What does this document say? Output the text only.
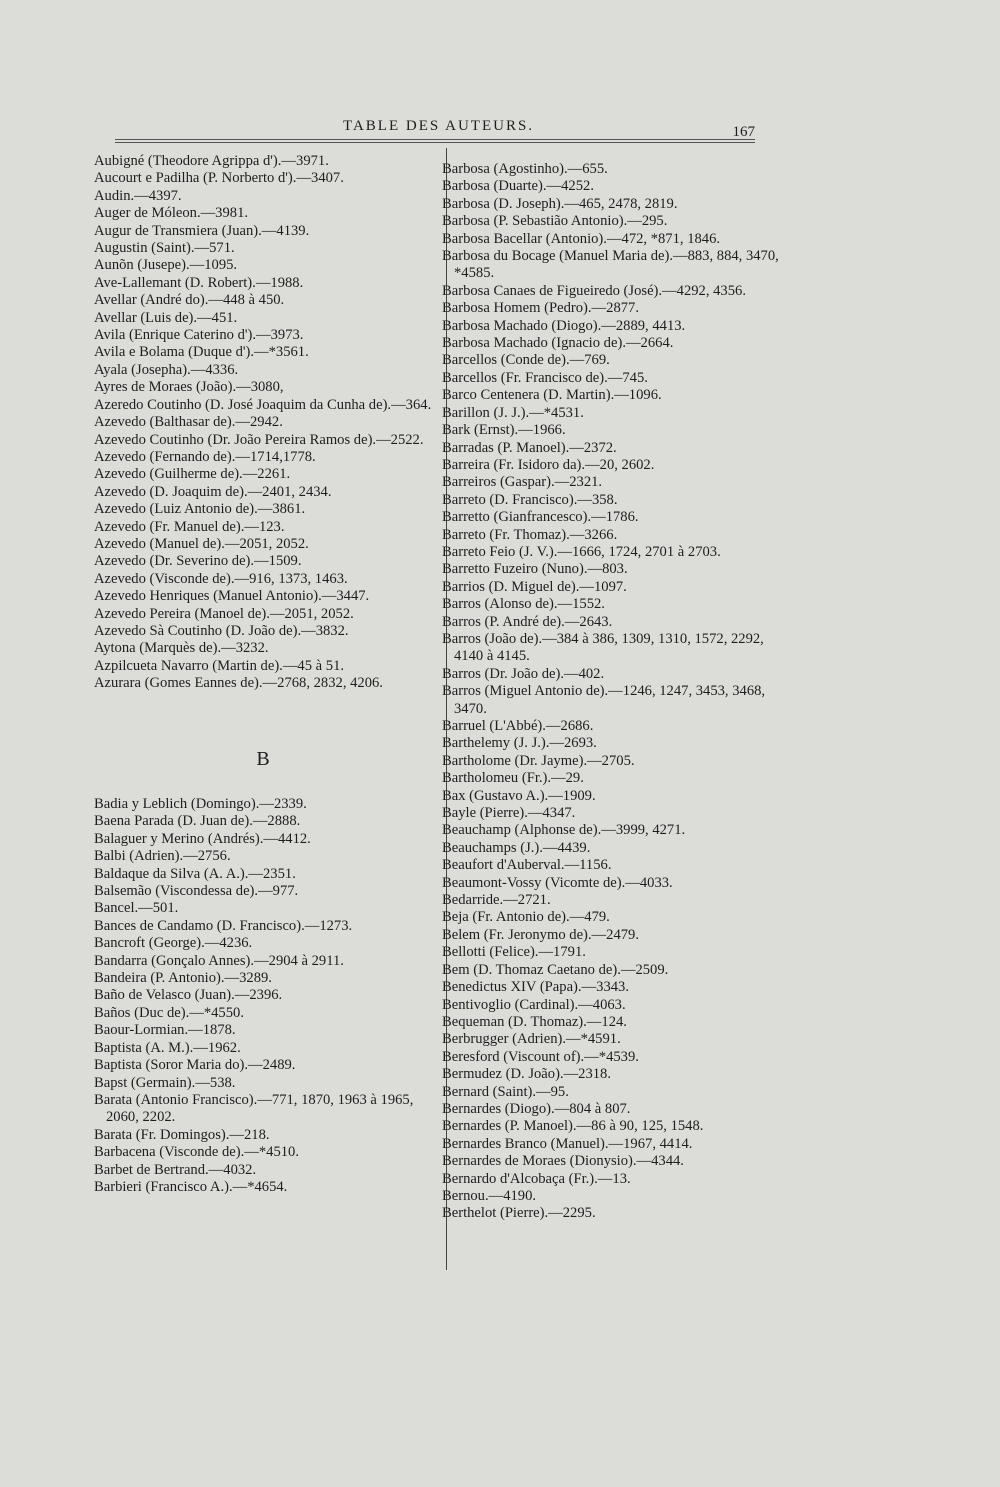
TABLE DES AUTEURS.	167

Aubigné (Theodore Agrippa d').—3971.

Aucourt e Padilha (P. Norberto d').—3407.

Audin.—4397.

Auger de Móleon.—3981.

Augur de Transmiera (Juan).—4139.

Augustin (Saint).—571.

Aunõn (Jusepe).—1095.

Ave-Lallemant (D. Robert).—1988.

Avellar (André do).—448 à 450.

Avellar (Luis de).—451.

Avila (Enrique Caterino d').—3973.

Avila e Bolama (Duque d').—*3561.

Ayala (Josepha).—4336.

Ayres de Moraes (João).—3080,

Azeredo Coutinho (D. José Joaquim da Cunha de).—364.

Azevedo (Balthasar de).—2942.

Azevedo Coutinho (Dr. João Pereira Ramos de).—2522.

Azevedo (Fernando de).—1714,1778.

Azevedo (Guilherme de).—2261.

Azevedo (D. Joaquim de).—2401, 2434.

Azevedo (Luiz Antonio de).—3861.

Azevedo (Fr. Manuel de).—123.

Azevedo (Manuel de).—2051, 2052.

Azevedo (Dr. Severino de).—1509.

Azevedo (Visconde de).—916, 1373, 1463.

Azevedo Henriques (Manuel Antonio).—3447.

Azevedo Pereira (Manoel de).—2051, 2052.

Azevedo Sà Coutinho (D. João de).—3832.

Aytona (Marquès de).—3232.

Azpilcueta Navarro (Martin de).—45 à 51.

Azurara (Gomes Eannes de).—2768, 2832, 4206.

B

Badia y Leblich (Domingo).—2339.

Baena Parada (D. Juan de).—2888.

Balaguer y Merino (Andrés).—4412.

Balbi (Adrien).—2756.

Baldaque da Silva (A. A.).—2351.

Balsemão (Viscondessa de).—977.

Bancel.—501.

Bances de Candamo (D. Francisco).—1273.

Bancroft (George).—4236.

Bandarra (Gonçalo Annes).—2904 à 2911.

Bandeira (P. Antonio).—3289.

Baño de Velasco (Juan).—2396.

Baños (Duc de).—*4550.

Baour-Lormian.—1878.

Baptista (A. M.).—1962.

Baptista (Soror Maria do).—2489.

Bapst (Germain).—538.

Barata (Antonio Francisco).—771, 1870, 1963 à 1965, 2060, 2202.

Barata (Fr. Domingos).—218.

Barbacena (Visconde de).—*4510.

Barbet de Bertrand.—4032.

Barbieri (Francisco A.).—*4654.

Barbosa (Agostinho).—655.

Barbosa (Duarte).—4252.

Barbosa (D. Joseph).—465, 2478, 2819.

Barbosa (P. Sebastião Antonio).—295.

Barbosa Bacellar (Antonio).—472, *871, 1846.

Barbosa du Bocage (Manuel Maria de).—883, 884, 3470, *4585.

Barbosa Canaes de Figueiredo (José).—4292, 4356.

Barbosa Homem (Pedro).—2877.

Barbosa Machado (Diogo).—2889, 4413.

Barbosa Machado (Ignacio de).—2664.

Barcellos (Conde de).—769.

Barcellos (Fr. Francisco de).—745.

Barco Centenera (D. Martin).—1096.

Barillon (J. J.).—*4531.

Bark (Ernst).—1966.

Barradas (P. Manoel).—2372.

Barreira (Fr. Isidoro da).—20, 2602.

Barreiros (Gaspar).—2321.

Barreto (D. Francisco).—358.

Barretto (Gianfrancesco).—1786.

Barreto (Fr. Thomaz).—3266.

Barreto Feio (J. V.).—1666, 1724, 2701 à 2703.

Barretto Fuzeiro (Nuno).—803.

Barrios (D. Miguel de).—1097.

Barros (Alonso de).—1552.

Barros (P. André de).—2643.

Barros (João de).—384 à 386, 1309, 1310, 1572, 2292, 4140 à 4145.

Barros (Dr. João de).—402.

Barros (Miguel Antonio de).—1246, 1247, 3453, 3468, 3470.

Barruel (L'Abbé).—2686.

Barthelemy (J. J.).—2693.

Bartholome (Dr. Jayme).—2705.

Bartholomeu (Fr.).—29.

Bax (Gustavo A.).—1909.

Bayle (Pierre).—4347.

Beauchamp (Alphonse de).—3999, 4271.

Beauchamps (J.).—4439.

Beaufort d'Auberval.—1156.

Beaumont-Vossy (Vicomte de).—4033.

Bedarride.—2721.

Beja (Fr. Antonio de).—479.

Belem (Fr. Jeronymo de).—2479.

Bellotti (Felice).—1791.

Bem (D. Thomaz Caetano de).—2509.

Benedictus XIV (Papa).—3343.

Bentivoglio (Cardinal).—4063.

Bequeman (D. Thomaz).—124.

Berbrugger (Adrien).—*4591.

Beresford (Viscount of).—*4539.

Bermudez (D. João).—2318.

Bernard (Saint).—95.

Bernardes (Diogo).—804 à 807.

Bernardes (P. Manoel).—86 à 90, 125, 1548.

Bernardes Branco (Manuel).—1967, 4414.

Bernardes de Moraes (Dionysio).—4344.

Bernardo d'Alcobaça (Fr.).—13.

Bernou.—4190.

Berthelot (Pierre).—2295.
